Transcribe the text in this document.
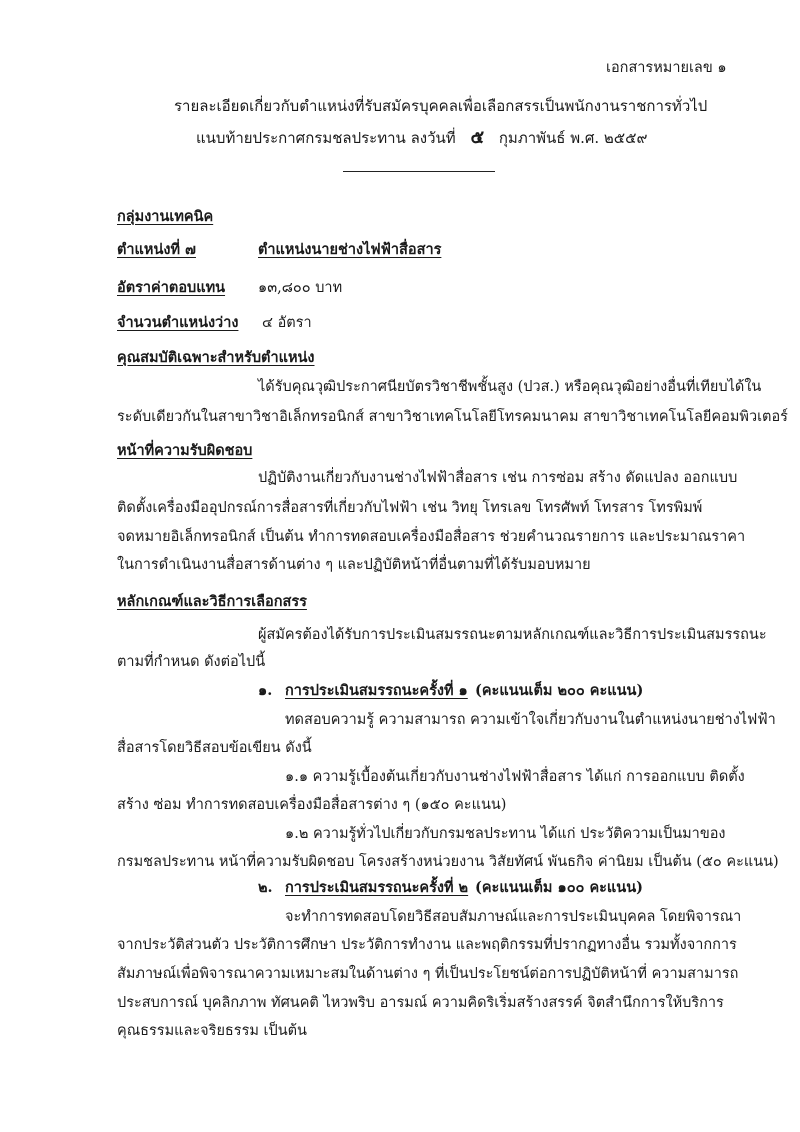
เอกสารหมายเลข ๑
รายละเอียดเกี่ยวกับตำแหน่งที่รับสมัครบุคคลเพื่อเลือกสรรเป็นพนักงานราชการทั่วไป
แนบท้ายประกาศกรมชลประทาน ลงวันที่ ๕ กุมภาพันธ์ พ.ศ. ๒๕๕๙
กลุ่มงานเทคนิค
ตำแหน่งที่ ๗	ตำแหน่งนายช่างไฟฟ้าสื่อสาร
อัตราค่าตอบแทน ๑๓,๘๐๐ บาท
จำนวนตำแหน่งว่าง ๔ อัตรา
คุณสมบัติเฉพาะสำหรับตำแหน่ง
ได้รับคุณวุฒิประกาศนียบัตรวิชาชีพชั้นสูง (ปวส.) หรือคุณวุฒิอย่างอื่นที่เทียบได้ใน
ระดับเดียวกันในสาขาวิชาอิเล็กทรอนิกส์ สาขาวิชาเทคโนโลยีโทรคมนาคม สาขาวิชาเทคโนโลยีคอมพิวเตอร์
หน้าที่ความรับผิดชอบ
ปฏิบัติงานเกี่ยวกับงานช่างไฟฟ้าสื่อสาร เช่น การซ่อม สร้าง ดัดแปลง ออกแบบ
ติดตั้งเครื่องมืออุปกรณ์การสื่อสารที่เกี่ยวกับไฟฟ้า เช่น วิทยุ โทรเลข โทรศัพท์ โทรสาร โทรพิมพ์
จดหมายอิเล็กทรอนิกส์ เป็นต้น ทำการทดสอบเครื่องมือสื่อสาร ช่วยคำนวณรายการ และประมาณราคา
ในการดำเนินงานสื่อสารด้านต่าง ๆ และปฏิบัติหน้าที่อื่นตามที่ได้รับมอบหมาย
หลักเกณฑ์และวิธีการเลือกสรร
ผู้สมัครต้องได้รับการประเมินสมรรถนะตามหลักเกณฑ์และวิธีการประเมินสมรรถนะ
ตามที่กำหนด ดังต่อไปนี้
๑. การประเมินสมรรถนะครั้งที่ ๑ (คะแนนเต็ม ๒๐๐ คะแนน)
ทดสอบความรู้ ความสามารถ ความเข้าใจเกี่ยวกับงานในตำแหน่งนายช่างไฟฟ้า
สื่อสารโดยวิธีสอบข้อเขียน ดังนี้
๑.๑ ความรู้เบื้องต้นเกี่ยวกับงานช่างไฟฟ้าสื่อสาร ได้แก่ การออกแบบ ติดตั้ง
สร้าง ซ่อม ทำการทดสอบเครื่องมือสื่อสารต่าง ๆ (๑๕๐ คะแนน)
๑.๒ ความรู้ทั่วไปเกี่ยวกับกรมชลประทาน ได้แก่ ประวัติความเป็นมาของ
กรมชลประทาน หน้าที่ความรับผิดชอบ โครงสร้างหน่วยงาน วิสัยทัศน์ พันธกิจ ค่านิยม เป็นต้น (๕๐ คะแนน)
๒. การประเมินสมรรถนะครั้งที่ ๒ (คะแนนเต็ม ๑๐๐ คะแนน)
จะทำการทดสอบโดยวิธีสอบสัมภาษณ์และการประเมินบุคคล โดยพิจารณา
จากประวัติส่วนตัว ประวัติการศึกษา ประวัติการทำงาน และพฤติกรรมที่ปรากฏทางอื่น รวมทั้งจากการ
สัมภาษณ์เพื่อพิจารณาความเหมาะสมในด้านต่าง ๆ ที่เป็นประโยชน์ต่อการปฏิบัติหน้าที่ ความสามารถ
ประสบการณ์ บุคลิกภาพ ทัศนคติ ไหวพริบ อารมณ์ ความคิดริเริ่มสร้างสรรค์ จิตสำนึกการให้บริการ
คุณธรรมและจริยธรรม เป็นต้น
